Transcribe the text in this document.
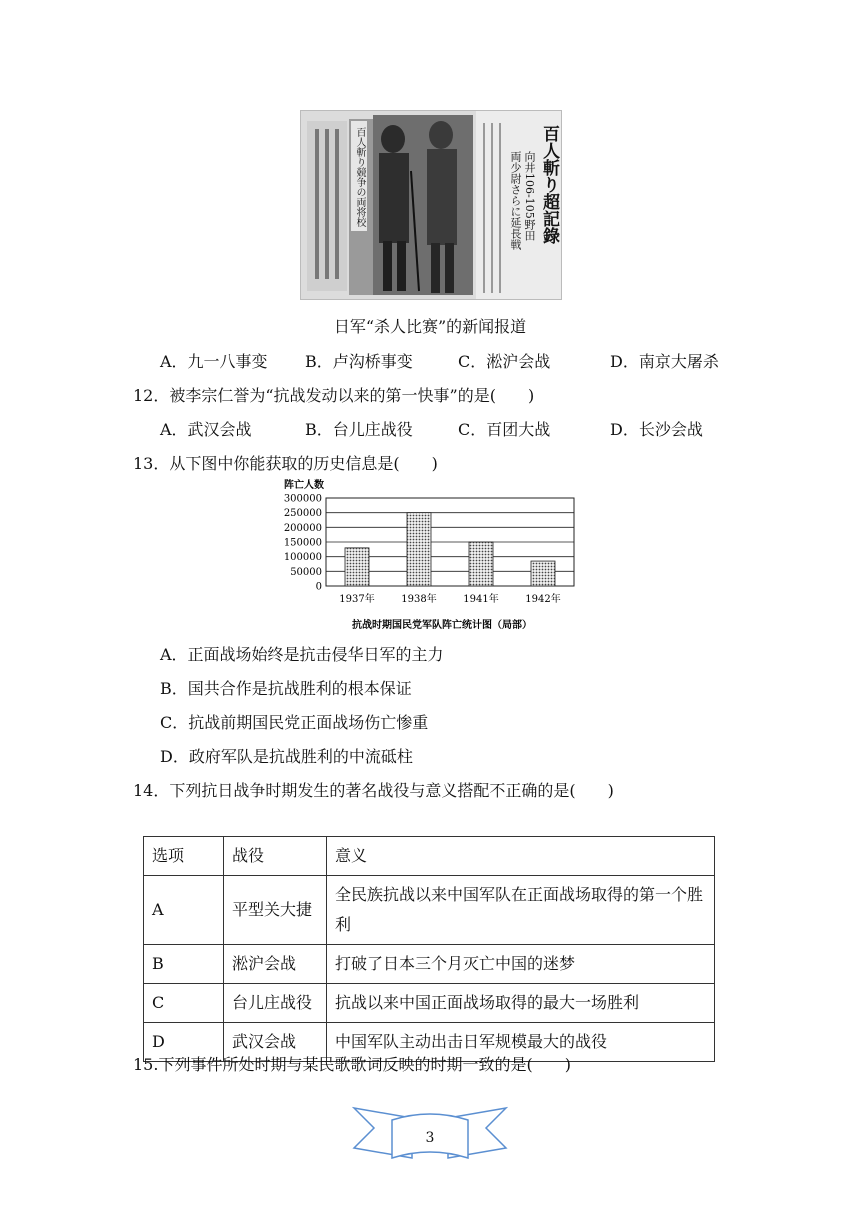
百人斬り超記錄
向井106-105野田
両少尉さらに延長戦
百人斬り競争の両将校
日军“杀人比赛”的新闻报道
A．九一八事变 B．卢沟桥事变	C．淞沪会战	D．南京大屠杀
12．被李宗仁誉为“抗战发动以来的第一快事”的是(　　)
A．武汉会战	B．台儿庄战役	C．百团大战	D．长沙会战
13．从下图中你能获取的历史信息是(　　)
阵亡人数
300000
250000
200000
150000
100000
50000
0
1937年	1938年	1941年	1942年
抗战时期国民党军队阵亡统计图（局部）
A．正面战场始终是抗击侵华日军的主力
B．国共合作是抗战胜利的根本保证
C．抗战前期国民党正面战场伤亡惨重
D．政府军队是抗战胜利的中流砥柱
14．下列抗日战争时期发生的著名战役与意义搭配不正确的是(　　)
选项	战役	意义
A	平型关大捷	全民族抗战以来中国军队在正面战场取得的第一个胜利
B	淞沪会战	打破了日本三个月灭亡中国的迷梦
C	台儿庄战役	抗战以来中国正面战场取得的最大一场胜利
D	武汉会战	中国军队主动出击日军规模最大的战役
15.下列事件所处时期与某民歌歌词反映的时期一致的是(　　)
3
